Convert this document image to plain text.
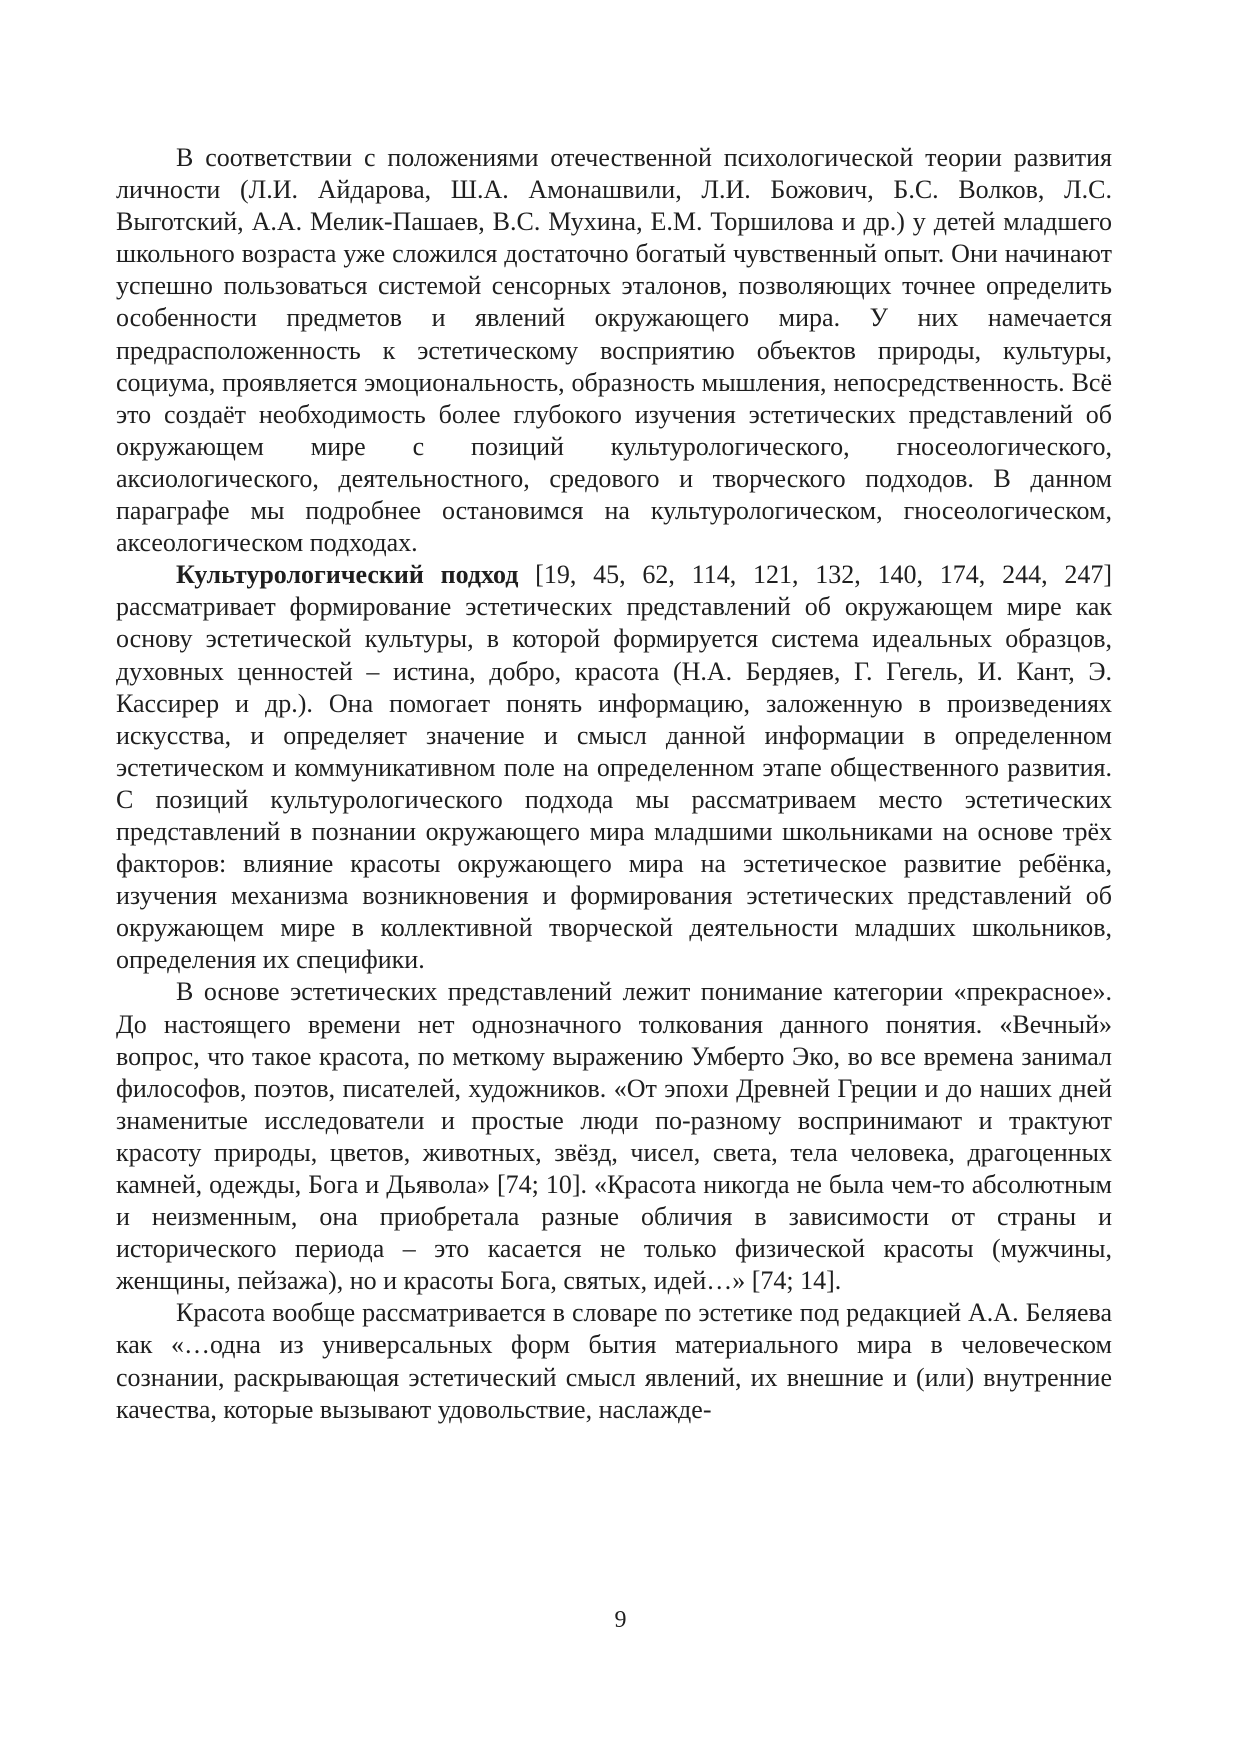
В соответствии с положениями отечественной психологической теории развития личности (Л.И. Айдарова, Ш.А. Амонашвили, Л.И. Божович, Б.С. Волков, Л.С. Выготский, А.А. Мелик-Пашаев, В.С. Мухина, Е.М. Торшилова и др.) у детей младшего школьного возраста уже сложился достаточно богатый чувственный опыт. Они начинают успешно пользоваться системой сенсорных эталонов, позволяющих точнее определить особенности предметов и явлений окружающего мира. У них намечается предрасположенность к эстетическому восприятию объектов природы, культуры, социума, проявляется эмоциональность, образность мышления, непосредственность. Всё это создаёт необходимость более глубокого изучения эстетических представлений об окружающем мире с позиций культурологического, гносеологического, аксиологического, деятельностного, средового и творческого подходов. В данном параграфе мы подробнее остановимся на культурологическом, гносеологическом, аксеологическом подходах.

Культурологический подход [19, 45, 62, 114, 121, 132, 140, 174, 244, 247] рассматривает формирование эстетических представлений об окружающем мире как основу эстетической культуры, в которой формируется система идеальных образцов, духовных ценностей – истина, добро, красота (Н.А. Бердяев, Г. Гегель, И. Кант, Э. Кассирер и др.). Она помогает понять информацию, заложенную в произведениях искусства, и определяет значение и смысл данной информации в определенном эстетическом и коммуникативном поле на определенном этапе общественного развития. С позиций культурологического подхода мы рассматриваем место эстетических представлений в познании окружающего мира младшими школьниками на основе трёх факторов: влияние красоты окружающего мира на эстетическое развитие ребёнка, изучения механизма возникновения и формирования эстетических представлений об окружающем мире в коллективной творческой деятельности младших школьников, определения их специфики.

В основе эстетических представлений лежит понимание категории «прекрасное». До настоящего времени нет однозначного толкования данного понятия. «Вечный» вопрос, что такое красота, по меткому выражению Умберто Эко, во все времена занимал философов, поэтов, писателей, художников. «От эпохи Древней Греции и до наших дней знаменитые исследователи и простые люди по-разному воспринимают и трактуют красоту природы, цветов, животных, звёзд, чисел, света, тела человека, драгоценных камней, одежды, Бога и Дьявола» [74; 10]. «Красота никогда не была чем-то абсолютным и неизменным, она приобретала разные обличия в зависимости от страны и исторического периода – это касается не только физической красоты (мужчины, женщины, пейзажа), но и красоты Бога, святых, идей…» [74; 14].

Красота вообще рассматривается в словаре по эстетике под редакцией А.А. Беляева как «…одна из универсальных форм бытия материального мира в человеческом сознании, раскрывающая эстетический смысл явлений, их внешние и (или) внутренние качества, которые вызывают удовольствие, наслажде-

9
